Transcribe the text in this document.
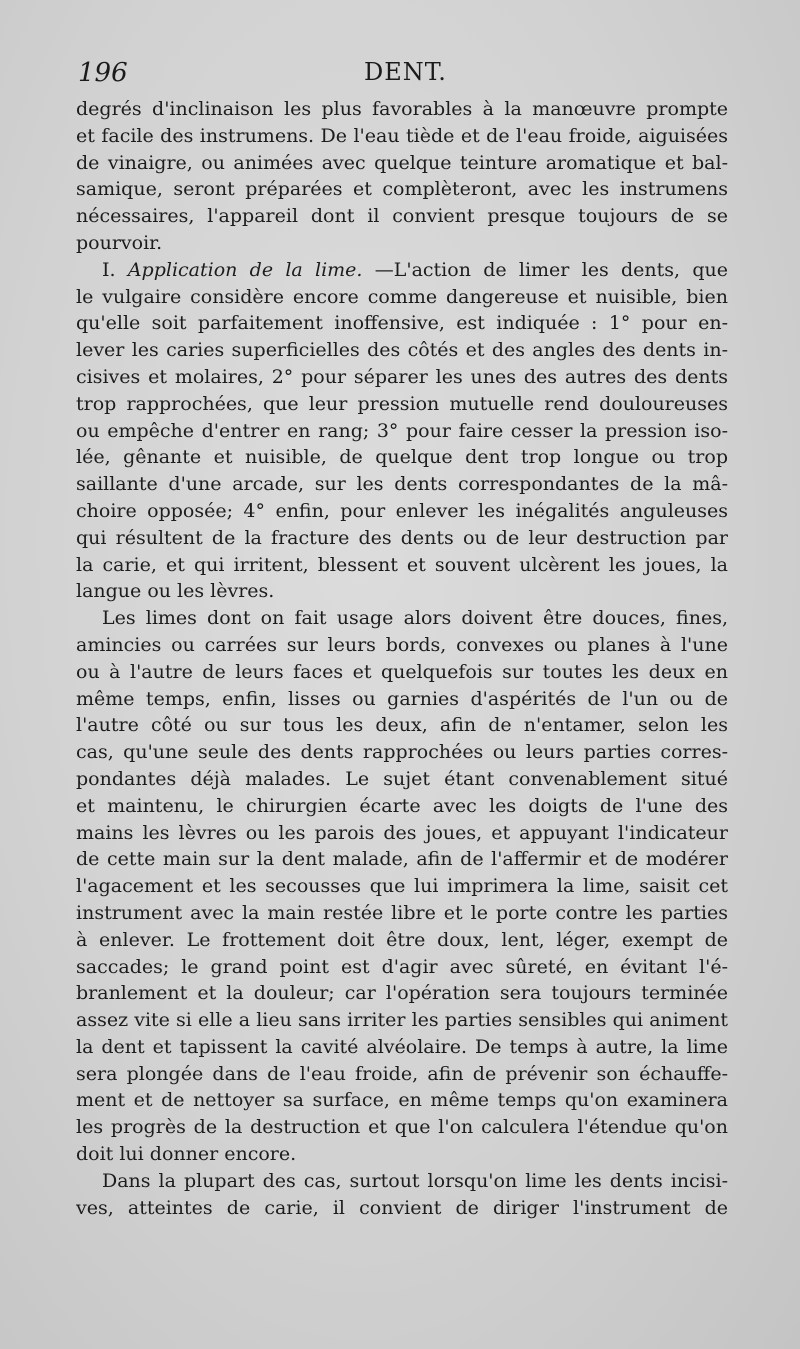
196	DENT.
degrés d'inclinaison les plus favorables à la manœuvre prompte
et facile des instrumens. De l'eau tiède et de l'eau froide, aiguisées
de vinaigre, ou animées avec quelque teinture aromatique et bal-
samique, seront préparées et complèteront, avec les instrumens
nécessaires, l'appareil dont il convient presque toujours de se
pourvoir.
I. Application de la lime. —L'action de limer les dents, que
le vulgaire considère encore comme dangereuse et nuisible, bien
qu'elle soit parfaitement inoffensive, est indiquée : 1° pour en-
lever les caries superficielles des côtés et des angles des dents in-
cisives et molaires, 2° pour séparer les unes des autres des dents
trop rapprochées, que leur pression mutuelle rend douloureuses
ou empêche d'entrer en rang; 3° pour faire cesser la pression iso-
lée, gênante et nuisible, de quelque dent trop longue ou trop
saillante d'une arcade, sur les dents correspondantes de la mâ-
choire opposée; 4° enfin, pour enlever les inégalités anguleuses
qui résultent de la fracture des dents ou de leur destruction par
la carie, et qui irritent, blessent et souvent ulcèrent les joues, la
langue ou les lèvres.
Les limes dont on fait usage alors doivent être douces, fines,
amincies ou carrées sur leurs bords, convexes ou planes à l'une
ou à l'autre de leurs faces et quelquefois sur toutes les deux en
même temps, enfin, lisses ou garnies d'aspérités de l'un ou de
l'autre côté ou sur tous les deux, afin de n'entamer, selon les
cas, qu'une seule des dents rapprochées ou leurs parties corres-
pondantes déjà malades. Le sujet étant convenablement situé
et maintenu, le chirurgien écarte avec les doigts de l'une des
mains les lèvres ou les parois des joues, et appuyant l'indicateur
de cette main sur la dent malade, afin de l'affermir et de modérer
l'agacement et les secousses que lui imprimera la lime, saisit cet
instrument avec la main restée libre et le porte contre les parties
à enlever. Le frottement doit être doux, lent, léger, exempt de
saccades; le grand point est d'agir avec sûreté, en évitant l'é-
branlement et la douleur; car l'opération sera toujours terminée
assez vite si elle a lieu sans irriter les parties sensibles qui animent
la dent et tapissent la cavité alvéolaire. De temps à autre, la lime
sera plongée dans de l'eau froide, afin de prévenir son échauffe-
ment et de nettoyer sa surface, en même temps qu'on examinera
les progrès de la destruction et que l'on calculera l'étendue qu'on
doit lui donner encore.
Dans la plupart des cas, surtout lorsqu'on lime les dents incisi-
ves, atteintes de carie, il convient de diriger l'instrument de
